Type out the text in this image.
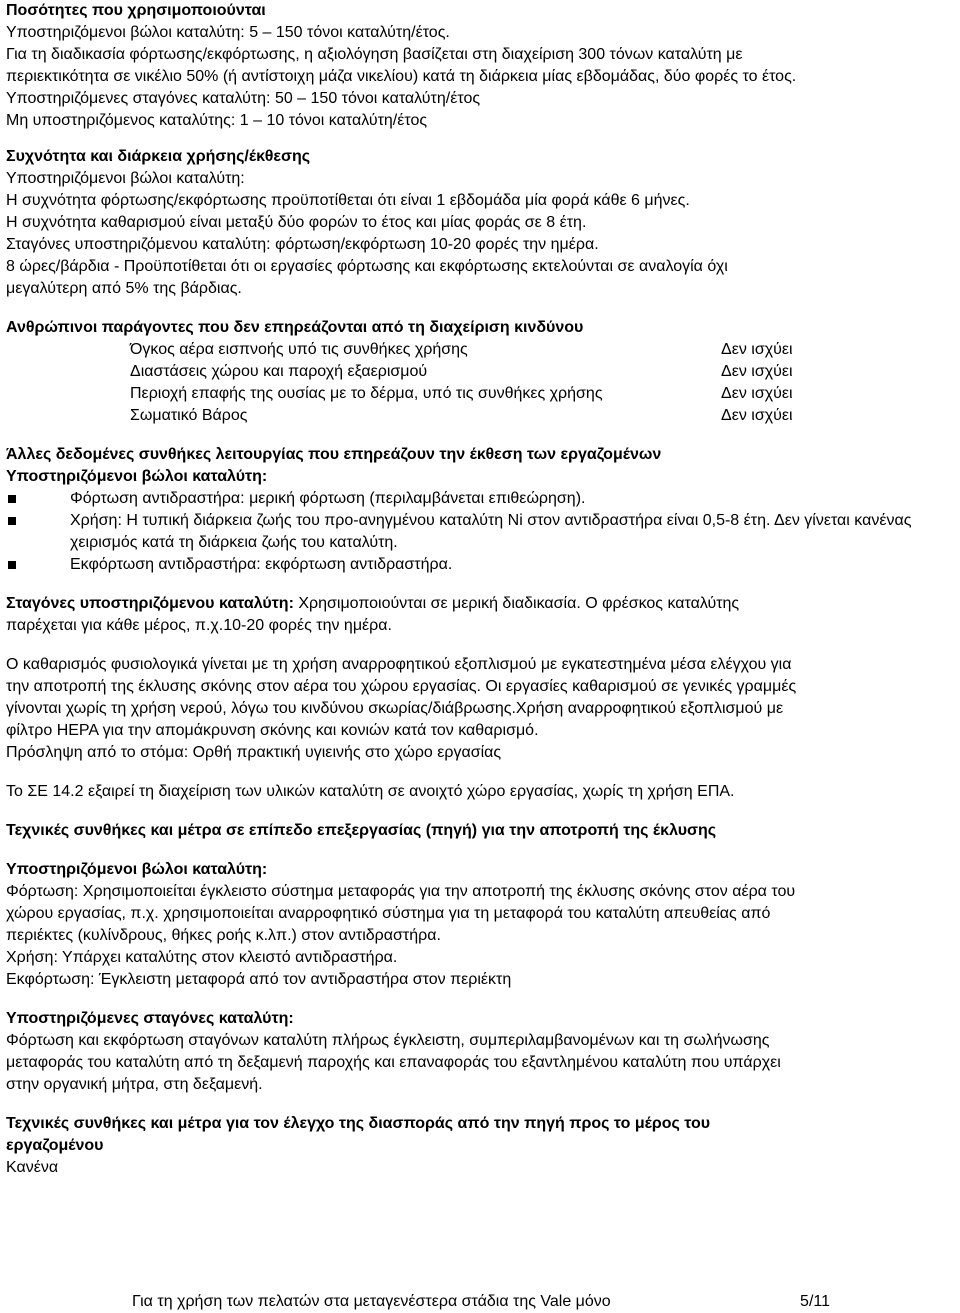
Ποσότητες που χρησιμοποιούνται

Υποστηριζόμενοι βώλοι καταλύτη: 5 – 150 τόνοι καταλύτη/έτος.

Για τη διαδικασία φόρτωσης/εκφόρτωσης, η αξιολόγηση βασίζεται στη διαχείριση 300 τόνων καταλύτη με

περιεκτικότητα σε νικέλιο 50% (ή αντίστοιχη μάζα νικελίου) κατά τη διάρκεια μίας εβδομάδας, δύο φορές το έτος.

Υποστηριζόμενες σταγόνες καταλύτη: 50 – 150 τόνοι καταλύτη/έτος

Μη υποστηριζόμενος καταλύτης: 1 – 10 τόνοι καταλύτη/έτος

Συχνότητα και διάρκεια χρήσης/έκθεσης

Υποστηριζόμενοι βώλοι καταλύτη:

Η συχνότητα φόρτωσης/εκφόρτωσης προϋποτίθεται ότι είναι 1 εβδομάδα μία φορά κάθε 6 μήνες.

Η συχνότητα καθαρισμού είναι μεταξύ δύο φορών το έτος και μίας φοράς σε 8 έτη.

Σταγόνες υποστηριζόμενου καταλύτη: φόρτωση/εκφόρτωση 10-20 φορές την ημέρα.

8 ώρες/βάρδια - Προϋποτίθεται ότι οι εργασίες φόρτωσης και εκφόρτωσης εκτελούνται σε αναλογία όχι

μεγαλύτερη από 5% της βάρδιας.

Ανθρώπινοι παράγοντες που δεν επηρεάζονται από τη διαχείριση κινδύνου

Όγκος αέρα εισπνοής υπό τις συνθήκες χρήσης	Δεν ισχύει
Διαστάσεις χώρου και παροχή εξαερισμού	Δεν ισχύει
Περιοχή επαφής της ουσίας με το δέρμα, υπό τις συνθήκες χρήσης	Δεν ισχύει
Σωματικό Βάρος	Δεν ισχύει

Άλλες δεδομένες συνθήκες λειτουργίας που επηρεάζουν την έκθεση των εργαζομένων

Υποστηριζόμενοι βώλοι καταλύτη:

Φόρτωση αντιδραστήρα: μερική φόρτωση (περιλαμβάνεται επιθεώρηση).
Χρήση: Η τυπική διάρκεια ζωής του προ-ανηγμένου καταλύτη Ni στον αντιδραστήρα είναι 0,5-8 έτη. Δεν γίνεται κανένας χειρισμός κατά τη διάρκεια ζωής του καταλύτη.
Εκφόρτωση αντιδραστήρα: εκφόρτωση αντιδραστήρα.

Σταγόνες υποστηριζόμενου καταλύτη: Χρησιμοποιούνται σε μερική διαδικασία. Ο φρέσκος καταλύτης

παρέχεται για κάθε μέρος, π.χ.10-20 φορές την ημέρα.

Ο καθαρισμός φυσιολογικά γίνεται με τη χρήση αναρροφητικού εξοπλισμού με εγκατεστημένα μέσα ελέγχου για

την αποτροπή της έκλυσης σκόνης στον αέρα του χώρου εργασίας. Οι εργασίες καθαρισμού σε γενικές γραμμές

γίνονται χωρίς τη χρήση νερού, λόγω του κινδύνου σκωρίας/διάβρωσης.Χρήση αναρροφητικού εξοπλισμού με

φίλτρο HEPA για την απομάκρυνση σκόνης και κονιών κατά τον καθαρισμό.

Πρόσληψη από το στόμα: Ορθή πρακτική υγιεινής στο χώρο εργασίας

Το ΣΕ 14.2 εξαιρεί τη διαχείριση των υλικών καταλύτη σε ανοιχτό χώρο εργασίας, χωρίς τη χρήση ΕΠΑ.

Τεχνικές συνθήκες και μέτρα σε επίπεδο επεξεργασίας (πηγή) για την αποτροπή της έκλυσης

Υποστηριζόμενοι βώλοι καταλύτη:

Φόρτωση: Χρησιμοποιείται έγκλειστο σύστημα μεταφοράς για την αποτροπή της έκλυσης σκόνης στον αέρα του

χώρου εργασίας, π.χ. χρησιμοποιείται αναρροφητικό σύστημα για τη μεταφορά του καταλύτη απευθείας από

περιέκτες (κυλίνδρους, θήκες ροής κ.λπ.) στον αντιδραστήρα.

Χρήση: Υπάρχει καταλύτης στον κλειστό αντιδραστήρα.

Εκφόρτωση: Έγκλειστη μεταφορά από τον αντιδραστήρα στον περιέκτη

Υποστηριζόμενες σταγόνες καταλύτη:

Φόρτωση και εκφόρτωση σταγόνων καταλύτη πλήρως έγκλειστη, συμπεριλαμβανομένων και τη σωλήνωσης

μεταφοράς του καταλύτη από τη δεξαμενή παροχής και επαναφοράς του εξαντλημένου καταλύτη που υπάρχει

στην οργανική μήτρα, στη δεξαμενή.

Τεχνικές συνθήκες και μέτρα για τον έλεγχο της διασποράς από την πηγή προς το μέρος του

εργαζομένου

Κανένα

Για τη χρήση των πελατών στα μεταγενέστερα στάδια της Vale μόνο	5/11
